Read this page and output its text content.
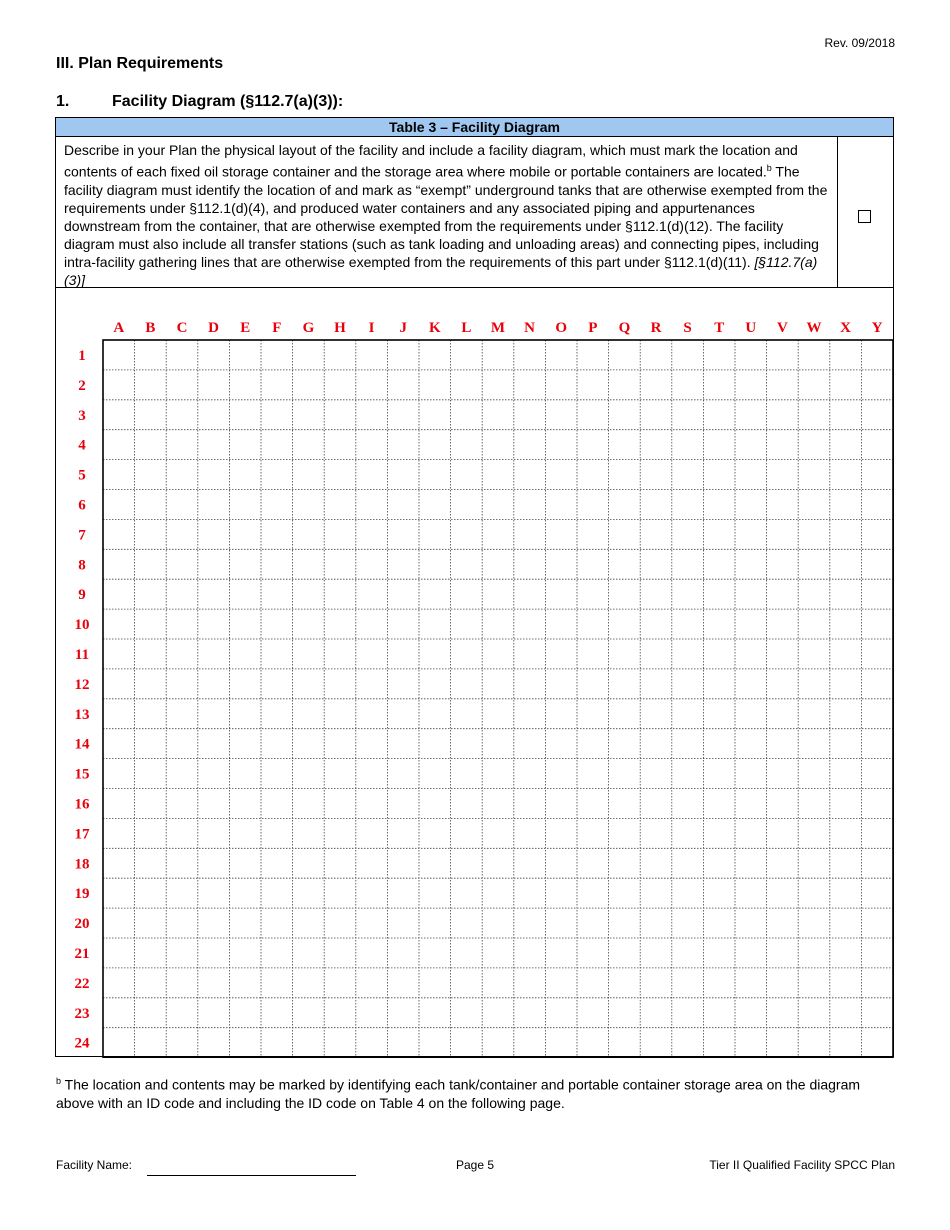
Rev. 09/2018
III. Plan Requirements
1.	Facility Diagram (§112.7(a)(3)):
Table 3 – Facility Diagram
Describe in your Plan the physical layout of the facility and include a facility diagram, which must mark the location and contents of each fixed oil storage container and the storage area where mobile or portable containers are located.$^b$ The facility diagram must identify the location of and mark as “exempt” underground tanks that are otherwise exempted from the requirements under §112.1(d)(4), and produced water containers and any associated piping and appurtenances downstream from the container, that are otherwise exempted from the requirements under §112.1(d)(12). The facility diagram must also include all transfer stations (such as tank loading and unloading areas) and connecting pipes, including intra-facility gathering lines that are otherwise exempted from the requirements of this part under §112.1(d)(11). [§112.7(a)(3)]
A B C D E F G H I J K L M N O P Q R S T U V W X Y
1
2
3
4
5
6
7
8
9
10
11
12
13
14
15
16
17
18
19
20
21
22
23
24
$^b$ The location and contents may be marked by identifying each tank/container and portable container storage area on the diagram above with an ID code and including the ID code on Table 4 on the following page.
Facility Name:	Page 5	Tier II Qualified Facility SPCC Plan
